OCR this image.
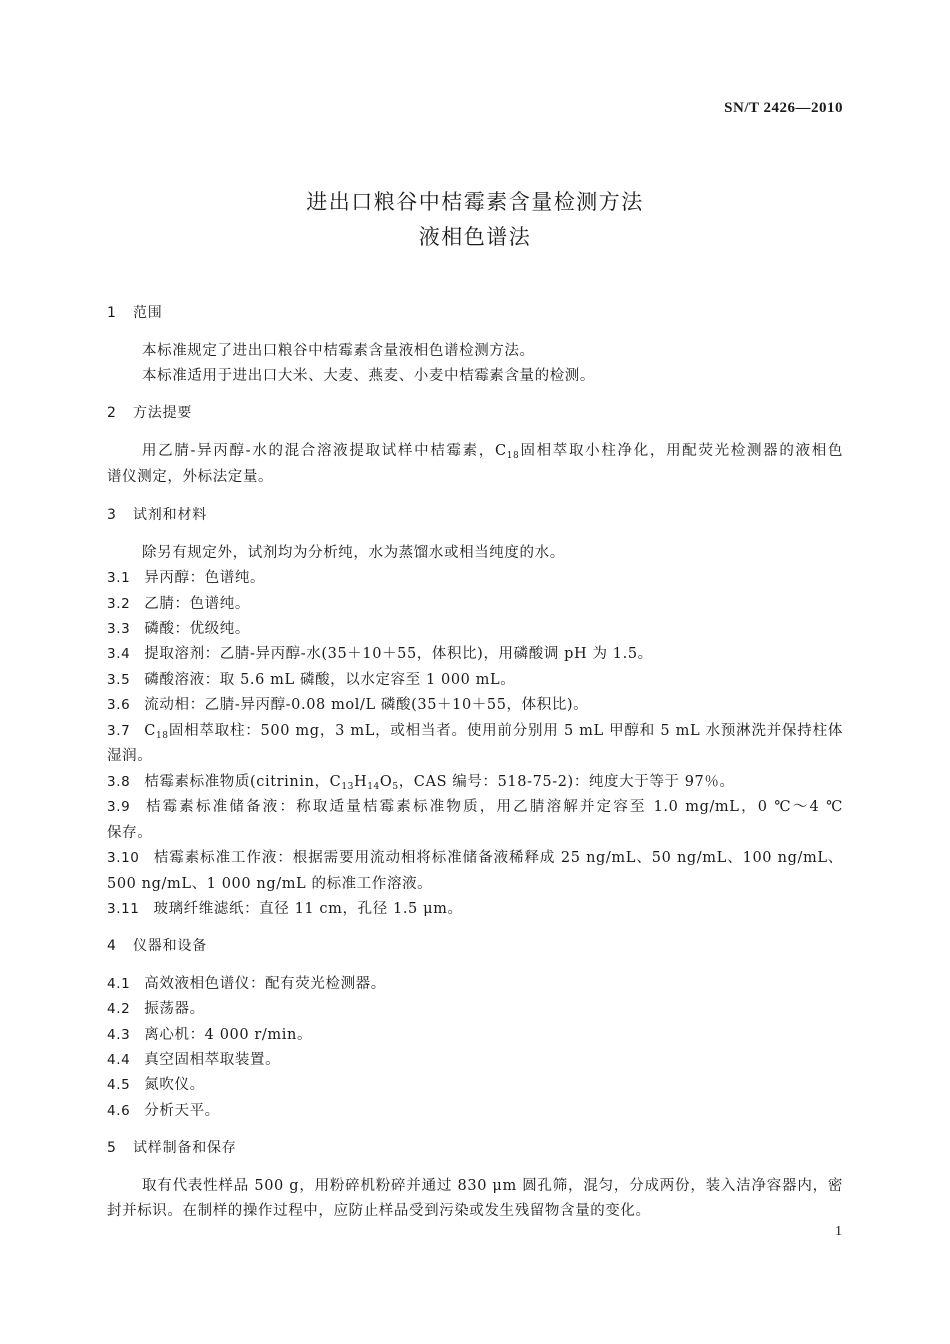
SN/T 2426—2010
进出口粮谷中桔霉素含量检测方法
液相色谱法
1 范围
本标准规定了进出口粮谷中桔霉素含量液相色谱检测方法。
本标准适用于进出口大米、大麦、燕麦、小麦中桔霉素含量的检测。
2 方法提要
用乙腈-异丙醇-水的混合溶液提取试样中桔霉素，$C_{18}$固相萃取小柱净化，用配荧光检测器的液相色
谱仪测定，外标法定量。
3 试剂和材料
除另有规定外，试剂均为分析纯，水为蒸馏水或相当纯度的水。
3.1 异丙醇：色谱纯。
3.2 乙腈：色谱纯。
3.3 磷酸：优级纯。
3.4 提取溶剂：乙腈-异丙醇-水(35＋10＋55，体积比)，用磷酸调 pH 为 1.5。
3.5 磷酸溶液：取 5.6 mL 磷酸，以水定容至 1 000 mL。
3.6 流动相：乙腈-异丙醇-0.08 mol/L 磷酸(35＋10＋55，体积比)。
3.7 $C_{18}$固相萃取柱：500 mg，3 mL，或相当者。使用前分别用 5 mL 甲醇和 5 mL 水预淋洗并保持柱体
湿润。
3.8 桔霉素标准物质(citrinin，$C_{13}H_{14}O_5$，CAS 编号：518-75-2)：纯度大于等于 97％。
3.9 桔霉素标准储备液：称取适量桔霉素标准物质，用乙腈溶解并定容至 1.0 mg/mL，0 ℃～4 ℃
保存。
3.10 桔霉素标准工作液：根据需要用流动相将标准储备液稀释成 25 ng/mL、50 ng/mL、100 ng/mL、
500 ng/mL、1 000 ng/mL 的标准工作溶液。
3.11 玻璃纤维滤纸：直径 11 cm，孔径 1.5 μm。
4 仪器和设备
4.1 高效液相色谱仪：配有荧光检测器。
4.2 振荡器。
4.3 离心机：4 000 r/min。
4.4 真空固相萃取装置。
4.5 氮吹仪。
4.6 分析天平。
5 试样制备和保存
取有代表性样品 500 g，用粉碎机粉碎并通过 830 μm 圆孔筛，混匀，分成两份，装入洁净容器内，密
封并标识。在制样的操作过程中，应防止样品受到污染或发生残留物含量的变化。
1
